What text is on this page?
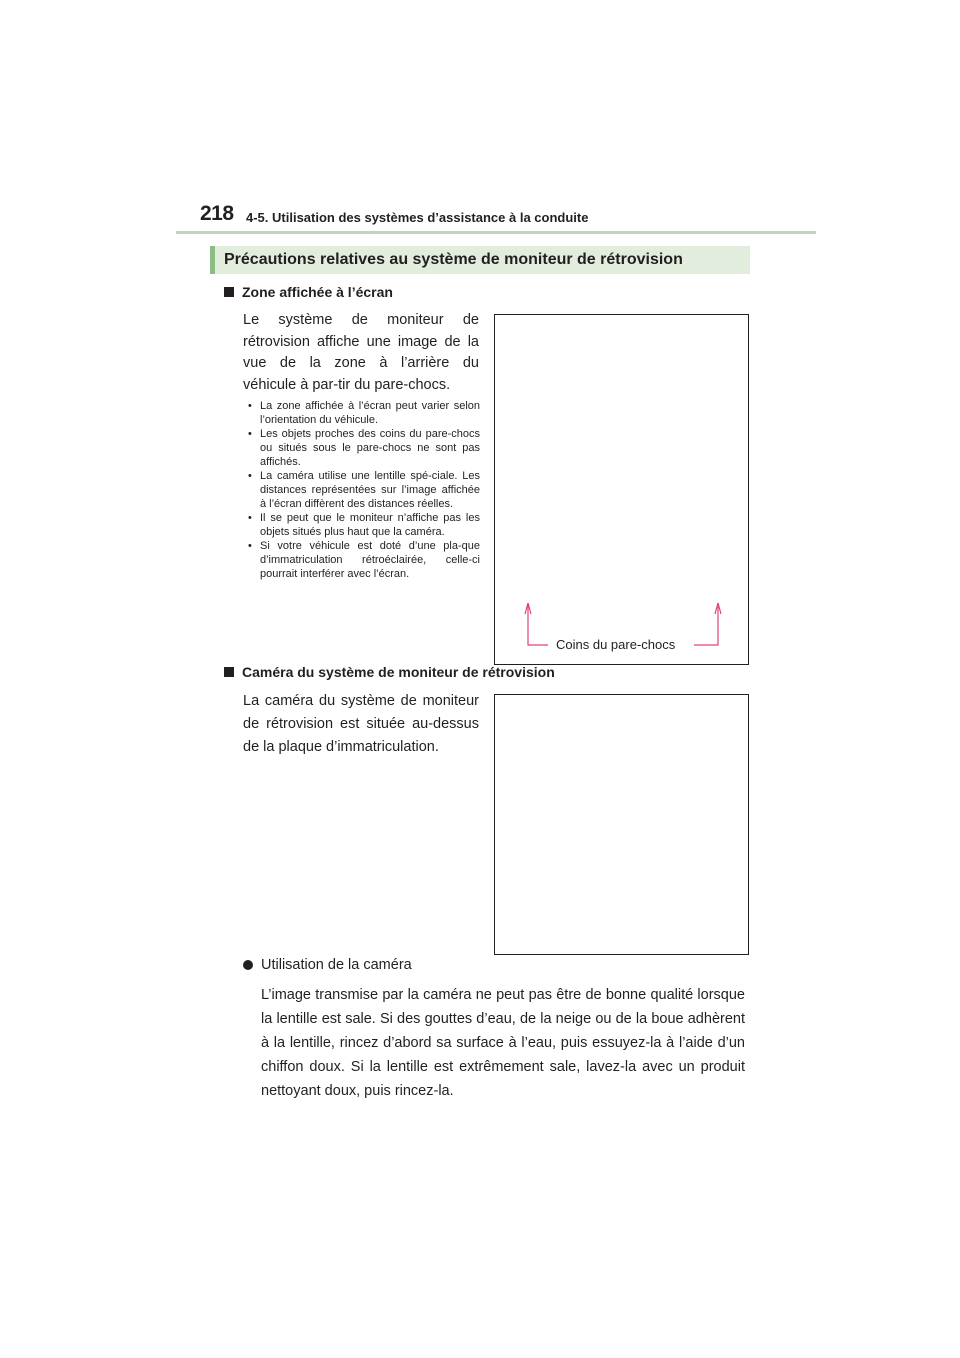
218 4-5. Utilisation des systèmes d’assistance à la conduite
Précautions relatives au système de moniteur de rétrovision
Zone affichée à l’écran
Le système de moniteur de rétrovision affiche une image de la vue de la zone à l’arrière du véhicule à par-tir du pare-chocs.
• La zone affichée à l’écran peut varier selon l’orientation du véhicule.
• Les objets proches des coins du pare-chocs ou situés sous le pare-chocs ne sont pas affichés.
• La caméra utilise une lentille spé-ciale. Les distances représentées sur l’image affichée à l’écran diffèrent des distances réelles.
• Il se peut que le moniteur n’affiche pas les objets situés plus haut que la caméra.
• Si votre véhicule est doté d’une pla-que d’immatriculation rétroéclairée, celle-ci pourrait interférer avec l’écran.
Coins du pare-chocs
Caméra du système de moniteur de rétrovision
La caméra du système de moniteur de rétrovision est située au-dessus de la plaque d’immatriculation.
Utilisation de la caméra
L’image transmise par la caméra ne peut pas être de bonne qualité lorsque la lentille est sale. Si des gouttes d’eau, de la neige ou de la boue adhèrent à la lentille, rincez d’abord sa surface à l’eau, puis essuyez-la à l’aide d’un chiffon doux. Si la lentille est extrêmement sale, lavez-la avec un produit nettoyant doux, puis rincez-la.
